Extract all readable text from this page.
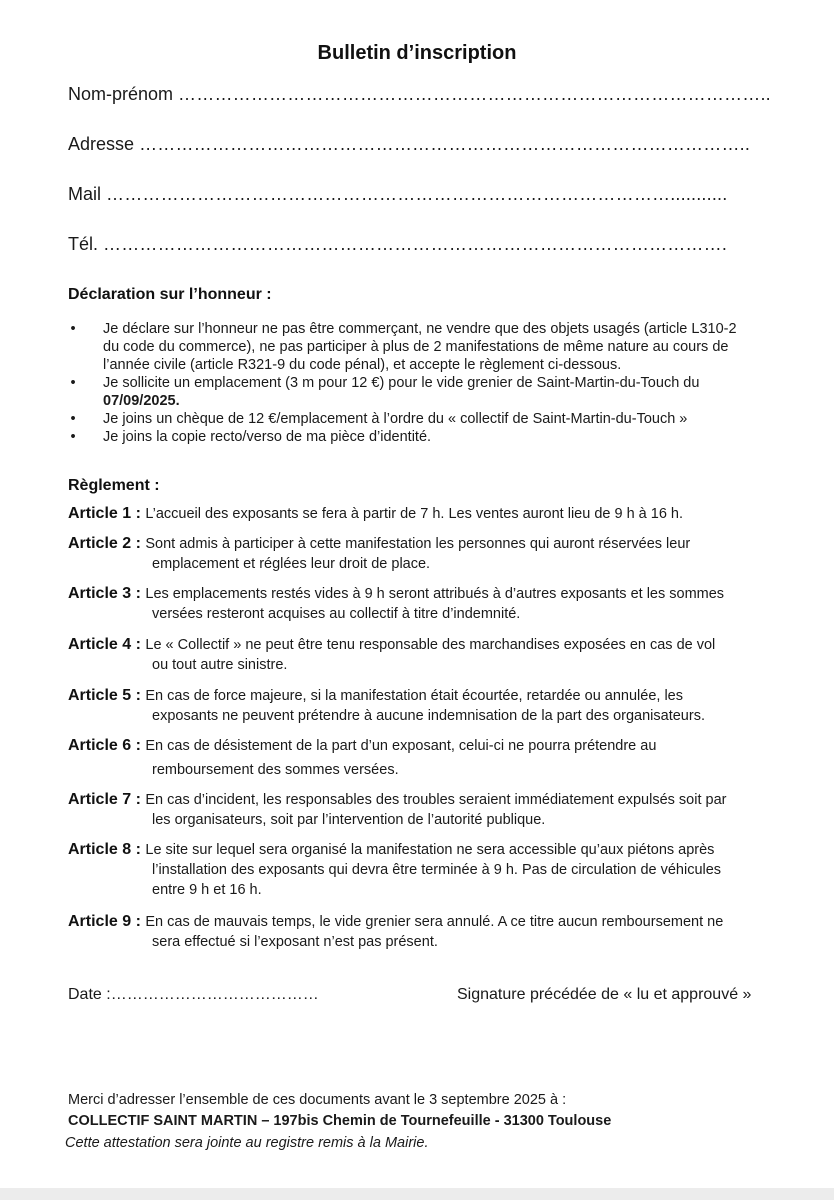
Bulletin d’inscription
Nom-prénom ……………………………………………………………………………………..
Adresse ………………………………………………………………………………………..
Mail …………………………………………………………………………………...........
Tél. ………………………………………………………………………………………….
Déclaration sur l’honneur :
• Je déclare sur l’honneur ne pas être commerçant, ne vendre que des objets usagés (article L310-2
du code du commerce), ne pas participer à plus de 2 manifestations de même nature au cours de
l’année civile (article R321-9 du code pénal), et accepte le règlement ci-dessous.
• Je sollicite un emplacement (3 m pour 12 €) pour le vide grenier de Saint-Martin-du-Touch du
07/09/2025.
• Je joins un chèque de 12 €/emplacement à l’ordre du « collectif de Saint-Martin-du-Touch »
• Je joins la copie recto/verso de ma pièce d’identité.
Règlement :
Article 1 : L’accueil des exposants se fera à partir de 7 h. Les ventes auront lieu de 9 h à 16 h.
Article 2 : Sont admis à participer à cette manifestation les personnes qui auront réservées leur
emplacement et réglées leur droit de place.
Article 3 : Les emplacements restés vides à 9 h seront attribués à d’autres exposants et les sommes
versées resteront acquises au collectif à titre d’indemnité.
Article 4 : Le « Collectif » ne peut être tenu responsable des marchandises exposées en cas de vol
ou tout autre sinistre.
Article 5 : En cas de force majeure, si la manifestation était écourtée, retardée ou annulée, les
exposants ne peuvent prétendre à aucune indemnisation de la part des organisateurs.
Article 6 : En cas de désistement de la part d’un exposant, celui-ci ne pourra prétendre au
remboursement des sommes versées.
Article 7 : En cas d’incident, les responsables des troubles seraient immédiatement expulsés soit par
les organisateurs, soit par l’intervention de l’autorité publique.
Article 8 : Le site sur lequel sera organisé la manifestation ne sera accessible qu’aux piétons après
l’installation des exposants qui devra être terminée à 9 h. Pas de circulation de véhicules
entre 9 h et 16 h.
Article 9 : En cas de mauvais temps, le vide grenier sera annulé. A ce titre aucun remboursement ne
sera effectué si l’exposant n’est pas présent.
Date :…………………………………	Signature précédée de « lu et approuvé »
Merci d’adresser l’ensemble de ces documents avant le 3 septembre 2025 à :
COLLECTIF SAINT MARTIN – 197bis Chemin de Tournefeuille - 31300 Toulouse
Cette attestation sera jointe au registre remis à la Mairie.
